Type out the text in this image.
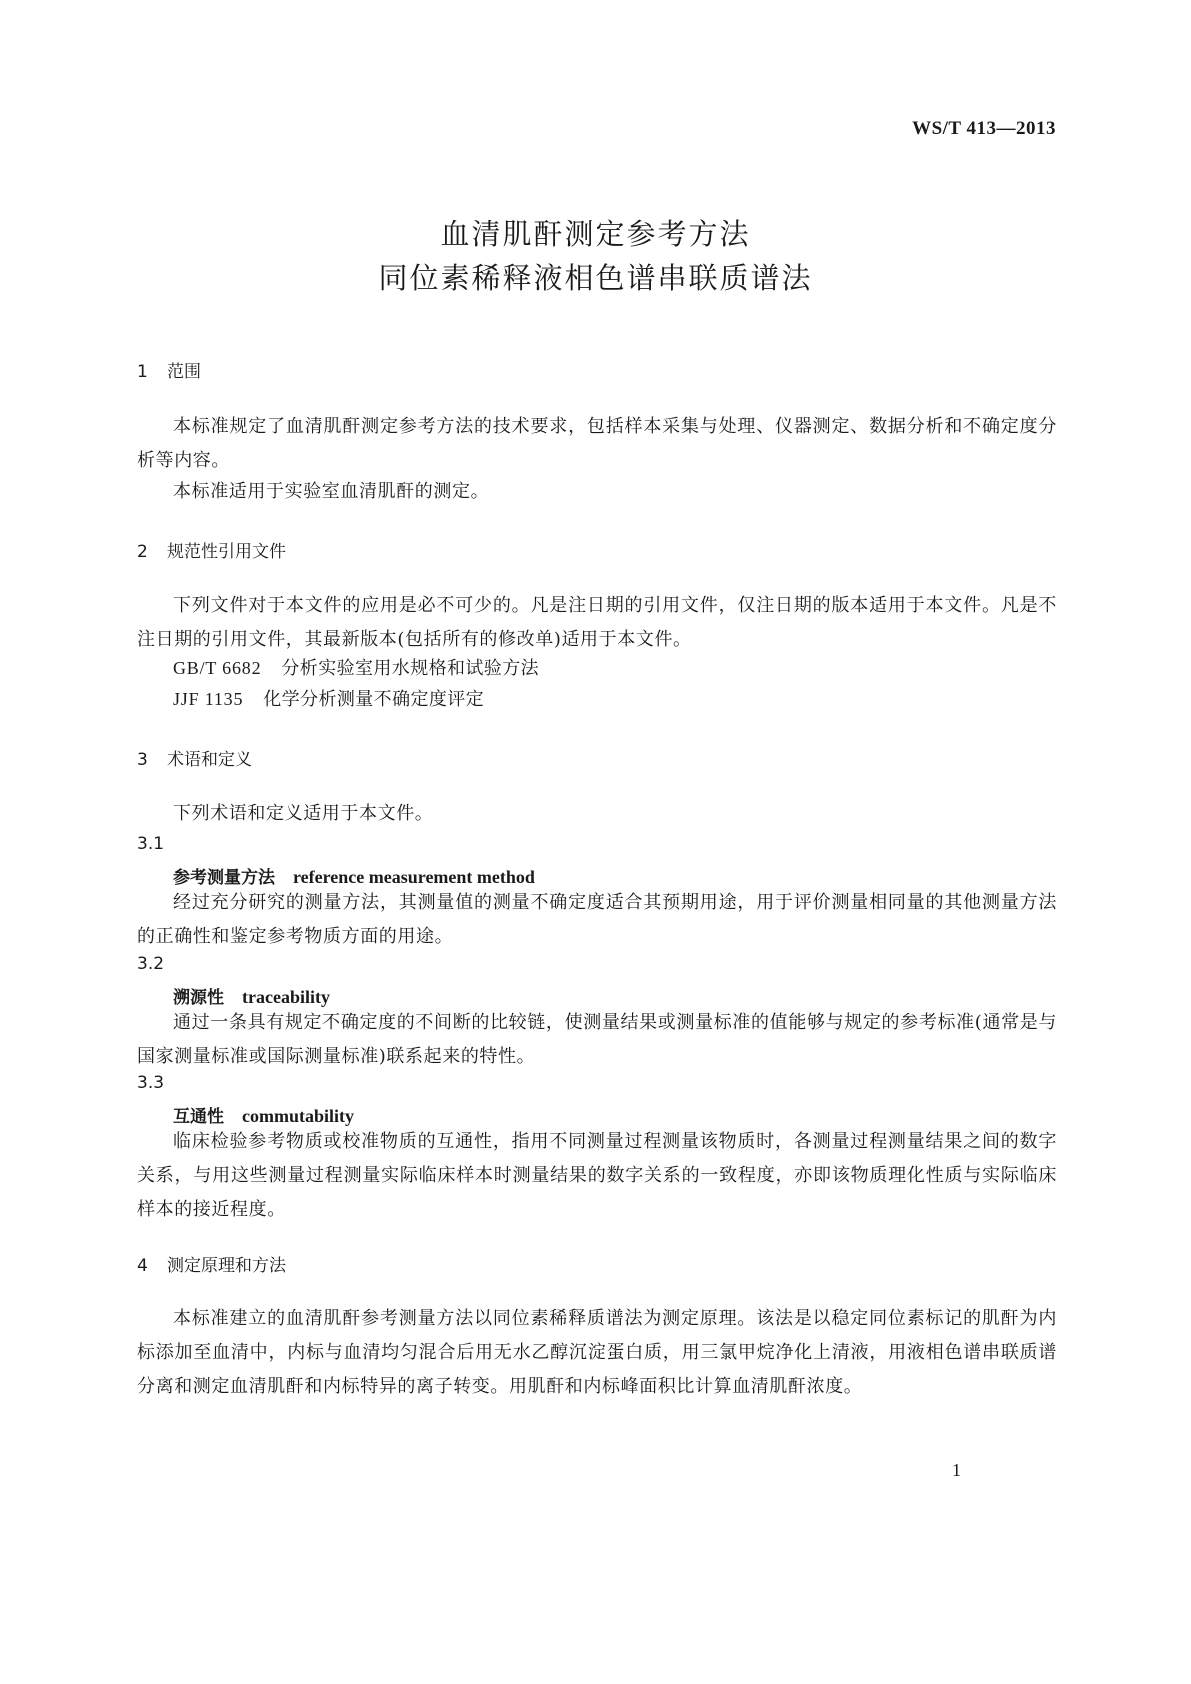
WS/T 413—2013
血清肌酐测定参考方法
同位素稀释液相色谱串联质谱法
1 范围
本标准规定了血清肌酐测定参考方法的技术要求，包括样本采集与处理、仪器测定、数据分析和不确定度分析等内容。
本标准适用于实验室血清肌酐的测定。
2 规范性引用文件
下列文件对于本文件的应用是必不可少的。凡是注日期的引用文件，仅注日期的版本适用于本文件。凡是不注日期的引用文件，其最新版本(包括所有的修改单)适用于本文件。
GB/T 6682 分析实验室用水规格和试验方法
JJF 1135 化学分析测量不确定度评定
3 术语和定义
下列术语和定义适用于本文件。
3.1
参考测量方法 reference measurement method
经过充分研究的测量方法，其测量值的测量不确定度适合其预期用途，用于评价测量相同量的其他测量方法的正确性和鉴定参考物质方面的用途。
3.2
溯源性 traceability
通过一条具有规定不确定度的不间断的比较链，使测量结果或测量标准的值能够与规定的参考标准(通常是与国家测量标准或国际测量标准)联系起来的特性。
3.3
互通性 commutability
临床检验参考物质或校准物质的互通性，指用不同测量过程测量该物质时，各测量过程测量结果之间的数字关系，与用这些测量过程测量实际临床样本时测量结果的数字关系的一致程度，亦即该物质理化性质与实际临床样本的接近程度。
4 测定原理和方法
本标准建立的血清肌酐参考测量方法以同位素稀释质谱法为测定原理。该法是以稳定同位素标记的肌酐为内标添加至血清中，内标与血清均匀混合后用无水乙醇沉淀蛋白质，用三氯甲烷净化上清液，用液相色谱串联质谱分离和测定血清肌酐和内标特异的离子转变。用肌酐和内标峰面积比计算血清肌酐浓度。
1
